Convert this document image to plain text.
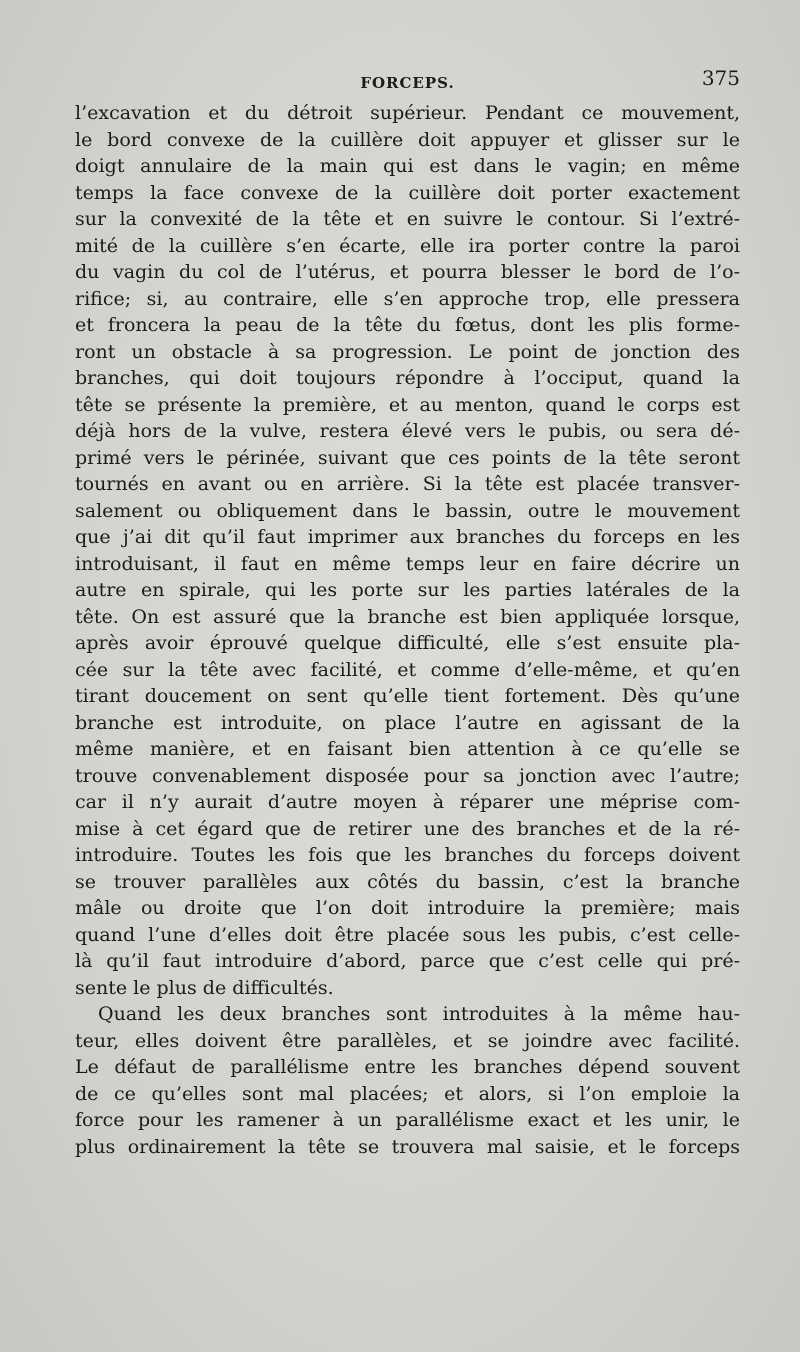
FORCEPS.	375
l’excavation et du détroit supérieur. Pendant ce mouvement,
le bord convexe de la cuillère doit appuyer et glisser sur le
doigt annulaire de la main qui est dans le vagin; en même
temps la face convexe de la cuillère doit porter exactement
sur la convexité de la tête et en suivre le contour. Si l’extré-
mité de la cuillère s’en écarte, elle ira porter contre la paroi
du vagin du col de l’utérus, et pourra blesser le bord de l’o-
rifice; si, au contraire, elle s’en approche trop, elle pressera
et froncera la peau de la tête du fœtus, dont les plis forme-
ront un obstacle à sa progression. Le point de jonction des
branches, qui doit toujours répondre à l’occiput, quand la
tête se présente la première, et au menton, quand le corps est
déjà hors de la vulve, restera élevé vers le pubis, ou sera dé-
primé vers le périnée, suivant que ces points de la tête seront
tournés en avant ou en arrière. Si la tête est placée transver-
salement ou obliquement dans le bassin, outre le mouvement
que j’ai dit qu’il faut imprimer aux branches du forceps en les
introduisant, il faut en même temps leur en faire décrire un
autre en spirale, qui les porte sur les parties latérales de la
tête. On est assuré que la branche est bien appliquée lorsque,
après avoir éprouvé quelque difficulté, elle s’est ensuite pla-
cée sur la tête avec facilité, et comme d’elle-même, et qu’en
tirant doucement on sent qu’elle tient fortement. Dès qu’une
branche est introduite, on place l’autre en agissant de la
même manière, et en faisant bien attention à ce qu’elle se
trouve convenablement disposée pour sa jonction avec l’autre;
car il n’y aurait d’autre moyen à réparer une méprise com-
mise à cet égard que de retirer une des branches et de la ré-
introduire. Toutes les fois que les branches du forceps doivent
se trouver parallèles aux côtés du bassin, c’est la branche
mâle ou droite que l’on doit introduire la première; mais
quand l’une d’elles doit être placée sous les pubis, c’est celle-
là qu’il faut introduire d’abord, parce que c’est celle qui pré-
sente le plus de difficultés.
Quand les deux branches sont introduites à la même hau-
teur, elles doivent être parallèles, et se joindre avec facilité.
Le défaut de parallélisme entre les branches dépend souvent
de ce qu’elles sont mal placées; et alors, si l’on emploie la
force pour les ramener à un parallélisme exact et les unir, le
plus ordinairement la tête se trouvera mal saisie, et le forceps
